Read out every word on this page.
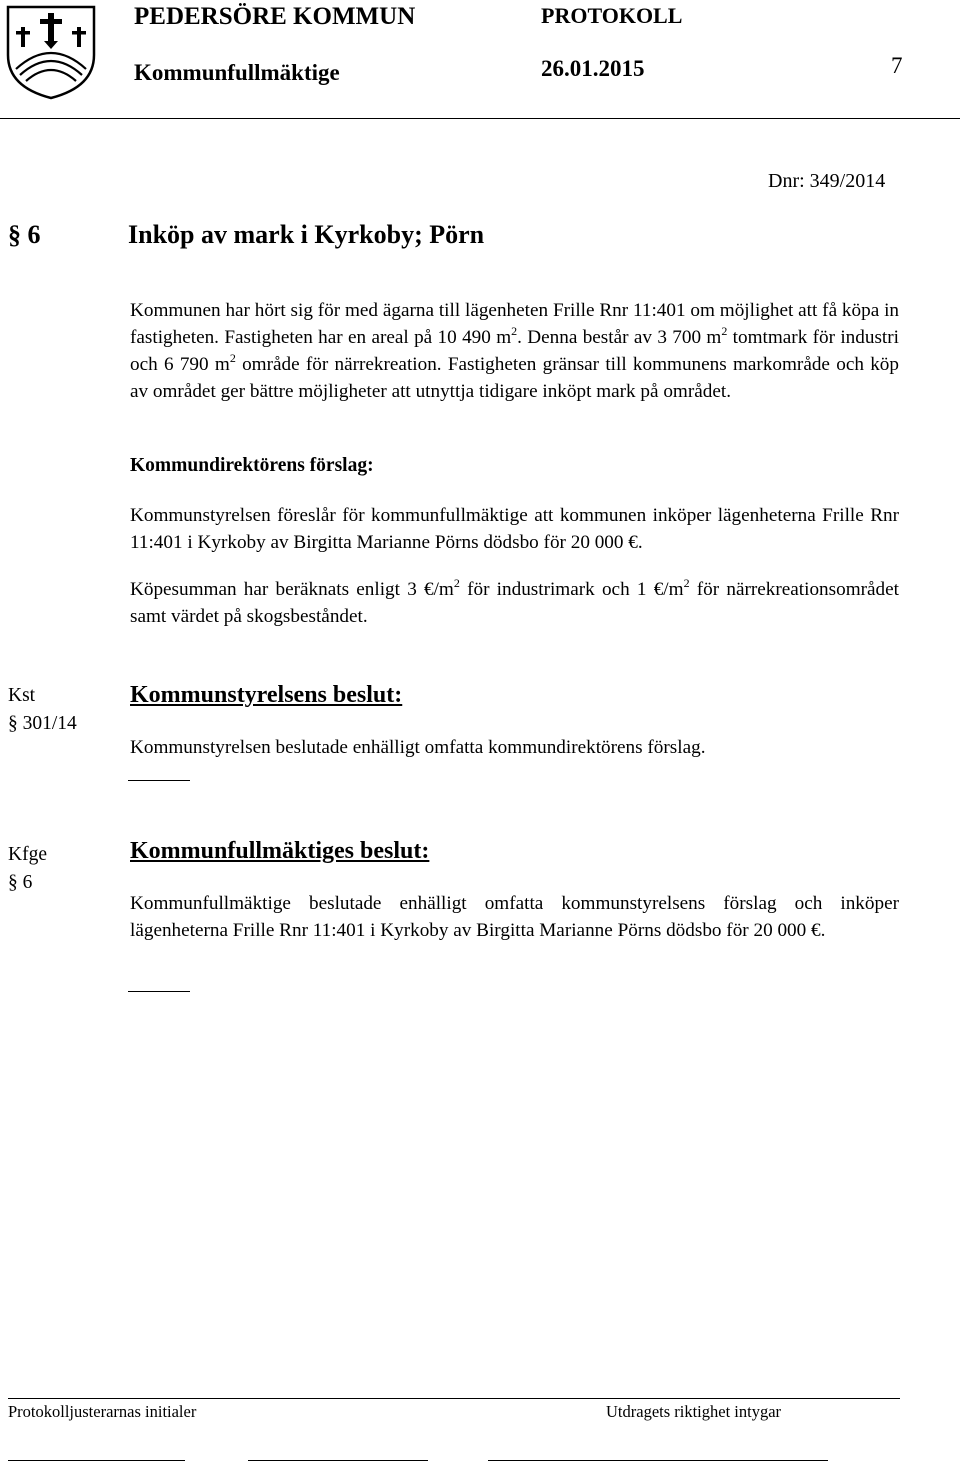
PEDERSÖRE KOMMUN
Kommunfullmäktige
PROTOKOLL
26.01.2015	7
Dnr: 349/2014
§ 6	Inköp av mark i Kyrkoby; Pörn

Kommunen har hört sig för med ägarna till lägenheten Frille Rnr 11:401 om möjlighet att få köpa in fastigheten. Fastigheten har en areal på 10 490 $m^2$. Denna består av 3 700 $m^2$ tomtmark för industri och 6 790 $m^2$ område för närrekreation. Fastigheten gränsar till kommunens markområde och köp av området ger bättre möjligheter att utnyttja tidigare inköpt mark på området.

Kommundirektörens förslag:

Kommunstyrelsen föreslår för kommunfullmäktige att kommunen inköper lägenheterna Frille Rnr 11:401 i Kyrkoby av Birgitta Marianne Pörns dödsbo för 20 000 €.

Köpesumman har beräknats enligt 3 $€/m^2$ för industrimark och 1 $€/m^2$ för närrekreationsområdet samt värdet på skogsbeståndet.

Kst
§ 301/14
Kommunstyrelsens beslut:

Kommunstyrelsen beslutade enhälligt omfatta kommundirektörens förslag.

Kfge
§ 6
Kommunfullmäktiges beslut:

Kommunfullmäktige beslutade enhälligt omfatta kommunstyrelsens förslag och inköper lägenheterna Frille Rnr 11:401 i Kyrkoby av Birgitta Marianne Pörns dödsbo för 20 000 €.

Protokolljusterarnas initialer	Utdragets riktighet intygar
